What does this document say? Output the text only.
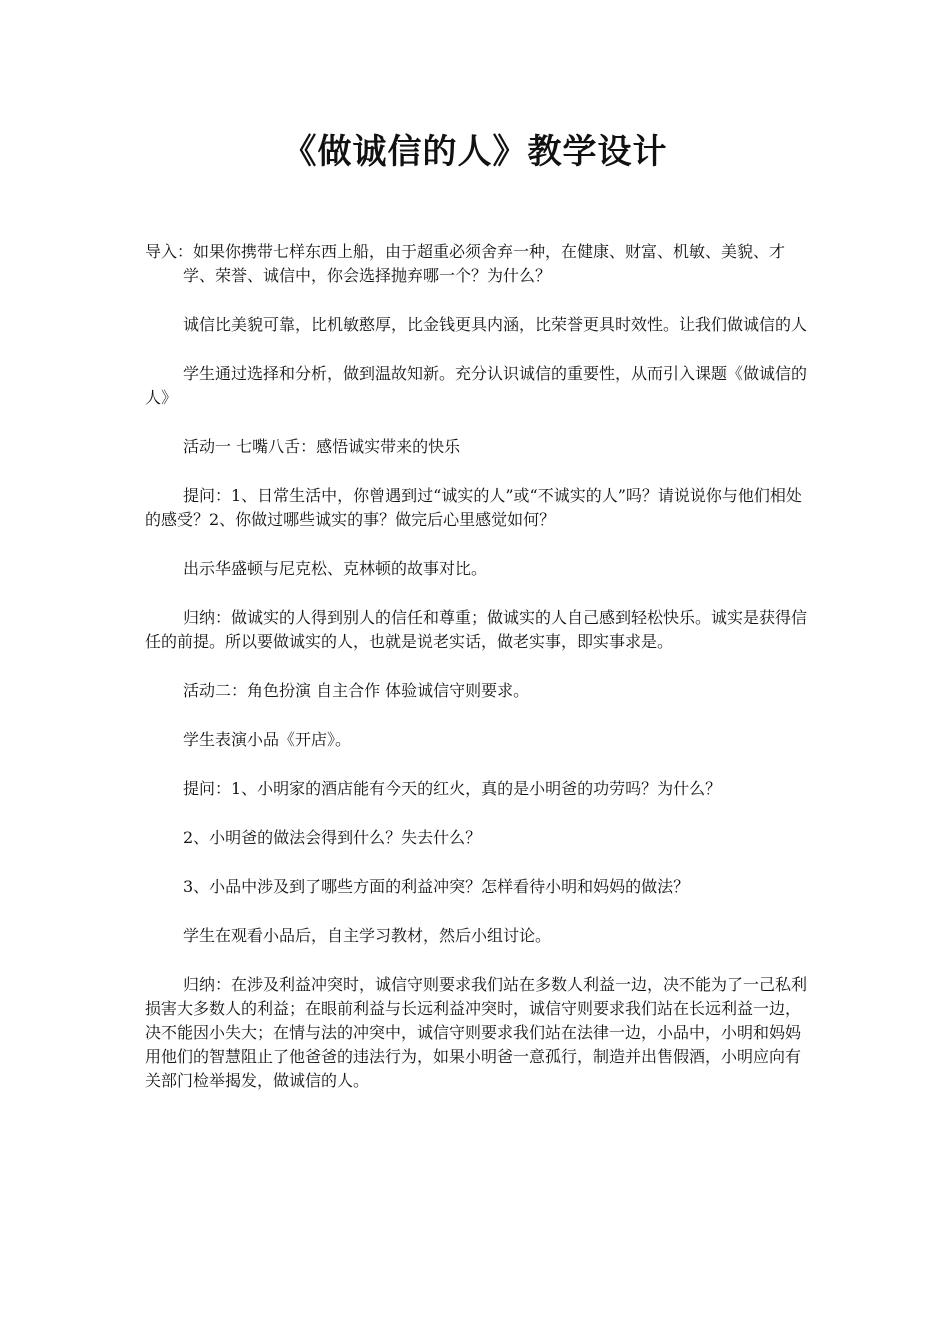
《做诚信的人》教学设计

导入：如果你携带七样东西上船，由于超重必须舍弃一种，在健康、财富、机敏、美貌、才学、荣誉、诚信中，你会选择抛弃哪一个？为什么？

诚信比美貌可靠，比机敏憨厚，比金钱更具内涵，比荣誉更具时效性。让我们做诚信的人

学生通过选择和分析，做到温故知新。充分认识诚信的重要性，从而引入课题《做诚信的人》

活动一 七嘴八舌：感悟诚实带来的快乐

提问：1、日常生活中，你曾遇到过“诚实的人”或“不诚实的人”吗？请说说你与他们相处的感受？2、你做过哪些诚实的事？做完后心里感觉如何？

出示华盛顿与尼克松、克林顿的故事对比。

归纳：做诚实的人得到别人的信任和尊重；做诚实的人自己感到轻松快乐。诚实是获得信任的前提。所以要做诚实的人，也就是说老实话，做老实事，即实事求是。

活动二：角色扮演 自主合作 体验诚信守则要求。

学生表演小品《开店》。

提问：1、小明家的酒店能有今天的红火，真的是小明爸的功劳吗？为什么？

2、小明爸的做法会得到什么？失去什么？

3、小品中涉及到了哪些方面的利益冲突？怎样看待小明和妈妈的做法？

学生在观看小品后，自主学习教材，然后小组讨论。

归纳：在涉及利益冲突时，诚信守则要求我们站在多数人利益一边，决不能为了一己私利损害大多数人的利益；在眼前利益与长远利益冲突时，诚信守则要求我们站在长远利益一边，决不能因小失大；在情与法的冲突中，诚信守则要求我们站在法律一边，小品中，小明和妈妈用他们的智慧阻止了他爸爸的违法行为，如果小明爸一意孤行，制造并出售假酒，小明应向有关部门检举揭发，做诚信的人。
